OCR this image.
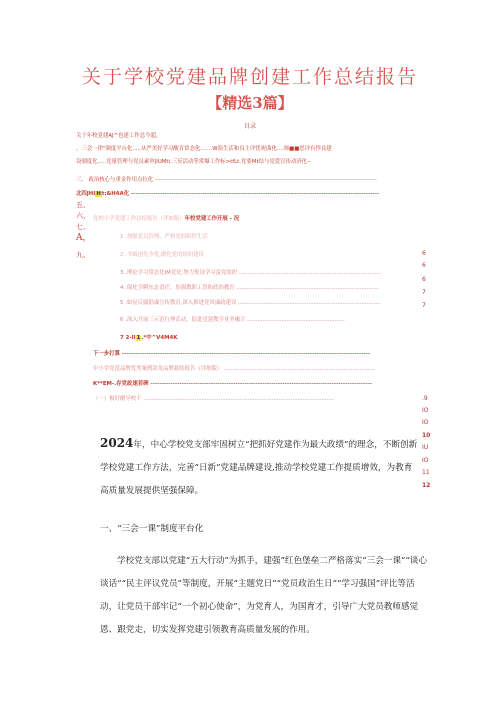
关于学校党建品牌创建工作总结报告
【精选3篇】
目录
关于年校党建AJ^也建工作总今超，
，三会一律"制度平台化.....从严美好学习酸育常态化.......W演生活和良主评忧祝曲化....师■■思评有悖良建
设制度化.....党量管理与党员素审JIUMti.三反活动等常爆工作标>tfLt.党要Mt结与党爱宣传动济化--
三、 政治核心与重金作用点位化 ------------------------------------------------------------------------------------------------------------------
北四JHIHt:&H4A化 ---------------------------------------------------------------------------------------------------------------
五、
六、
七、
A，
九、
党校小学党建工作总结报告（详如版）年校党建工作开展 - 况
1 .加强党员管理，严格党的组织生活
2 .书圆创先争优,做化党的组织建设
3 .理论学习常态化IM党化.努力集设学习蛮党组织 ...................................................................................
4 .保化学瞬东态责任，加强教职工思防政治教育 ...................................................................................
5 .如星反腐倡廉宣传教育,深入推进党风廉政建设 ...................................................................................
6 .深入开展三示范行理活动，促进党建教学业务融合 .........................................................
7 2-II1.*中^V4M4K
下一步打算 ---------------------------------------------------------------------------------------------------------------
中小学党范品牌优秀案例款龙品牌悬结报告《详细版） ........................................................................................
K**EM-.存党政速若碑 ---------------------------------------------------------------------------------------------------
（一）极好醋导校干 ...............................................................................................................
6
6
6
7
7
.9
IO
IO
10
IU
IO
11
12
2024年，中心学校党支部牢固树立“把抓好党建作为最大政绩”的理念，不断创新学校党建工作方法，完善“日新”党建品牌建设,推动学校党建工作提质增效，为教育高质量发展提供坚强保障。
一、“三会一课”制度平台化
学校党支部以党建“五大行动”为抓手，建强“红色堡垒二严格落实“三会一课”“谈心谈话”“民主评议党员”等制度，开展“主题党日”“党员政治生日”“学习强国”评比等活动，让党员干部牢记“一个初心使命”，为党育人，为国育才，引导广大党员教师感觉恩、跟党走，切实发挥党建引领教育高质量发展的作用。
